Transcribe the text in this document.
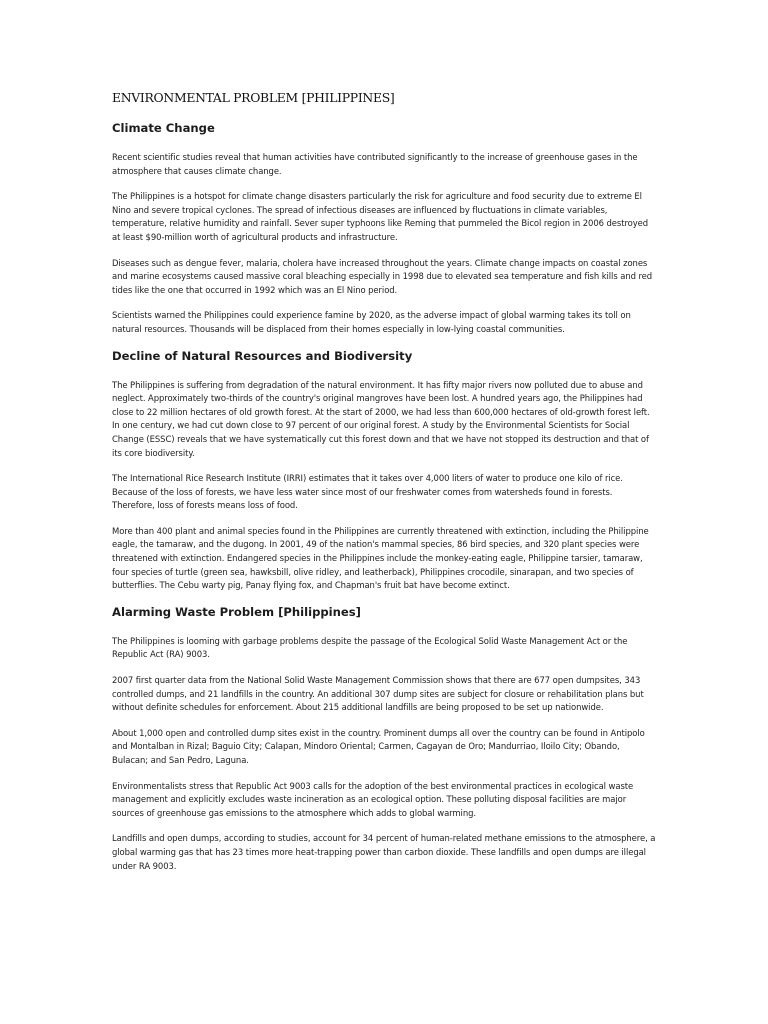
ENVIRONMENTAL PROBLEM [PHILIPPINES]
Climate Change

Recent scientific studies reveal that human activities have contributed significantly to the increase of greenhouse gases in the atmosphere that causes climate change.

The Philippines is a hotspot for climate change disasters particularly the risk for agriculture and food security due to extreme El Nino and severe tropical cyclones. The spread of infectious diseases are influenced by fluctuations in climate variables, temperature, relative humidity and rainfall. Sever super typhoons like Reming that pummeled the Bicol region in 2006 destroyed at least $90-million worth of agricultural products and infrastructure.

Diseases such as dengue fever, malaria, cholera have increased throughout the years. Climate change impacts on coastal zones and marine ecosystems caused massive coral bleaching especially in 1998 due to elevated sea temperature and fish kills and red tides like the one that occurred in 1992 which was an El Nino period.

Scientists warned the Philippines could experience famine by 2020, as the adverse impact of global warming takes its toll on natural resources. Thousands will be displaced from their homes especially in low-lying coastal communities.

Decline of Natural Resources and Biodiversity

The Philippines is suffering from degradation of the natural environment. It has fifty major rivers now polluted due to abuse and neglect. Approximately two-thirds of the country's original mangroves have been lost. A hundred years ago, the Philippines had close to 22 million hectares of old growth forest. At the start of 2000, we had less than 600,000 hectares of old-growth forest left. In one century, we had cut down close to 97 percent of our original forest. A study by the Environmental Scientists for Social Change (ESSC) reveals that we have systematically cut this forest down and that we have not stopped its destruction and that of its core biodiversity.

The International Rice Research Institute (IRRI) estimates that it takes over 4,000 liters of water to produce one kilo of rice. Because of the loss of forests, we have less water since most of our freshwater comes from watersheds found in forests. Therefore, loss of forests means loss of food.

More than 400 plant and animal species found in the Philippines are currently threatened with extinction, including the Philippine eagle, the tamaraw, and the dugong. In 2001, 49 of the nation's mammal species, 86 bird species, and 320 plant species were threatened with extinction. Endangered species in the Philippines include the monkey-eating eagle, Philippine tarsier, tamaraw, four species of turtle (green sea, hawksbill, olive ridley, and leatherback), Philippines crocodile, sinarapan, and two species of butterflies. The Cebu warty pig, Panay flying fox, and Chapman's fruit bat have become extinct.

Alarming Waste Problem [Philippines]

The Philippines is looming with garbage problems despite the passage of the Ecological Solid Waste Management Act or the Republic Act (RA) 9003.

2007 first quarter data from the National Solid Waste Management Commission shows that there are 677 open dumpsites, 343 controlled dumps, and 21 landfills in the country. An additional 307 dump sites are subject for closure or rehabilitation plans but without definite schedules for enforcement. About 215 additional landfills are being proposed to be set up nationwide.

About 1,000 open and controlled dump sites exist in the country. Prominent dumps all over the country can be found in Antipolo and Montalban in Rizal; Baguio City; Calapan, Mindoro Oriental; Carmen, Cagayan de Oro; Mandurriao, Iloilo City; Obando, Bulacan; and San Pedro, Laguna.

Environmentalists stress that Republic Act 9003 calls for the adoption of the best environmental practices in ecological waste management and explicitly excludes waste incineration as an ecological option. These polluting disposal facilities are major sources of greenhouse gas emissions to the atmosphere which adds to global warming.

Landfills and open dumps, according to studies, account for 34 percent of human-related methane emissions to the atmosphere, a global warming gas that has 23 times more heat-trapping power than carbon dioxide. These landfills and open dumps are illegal under RA 9003.
